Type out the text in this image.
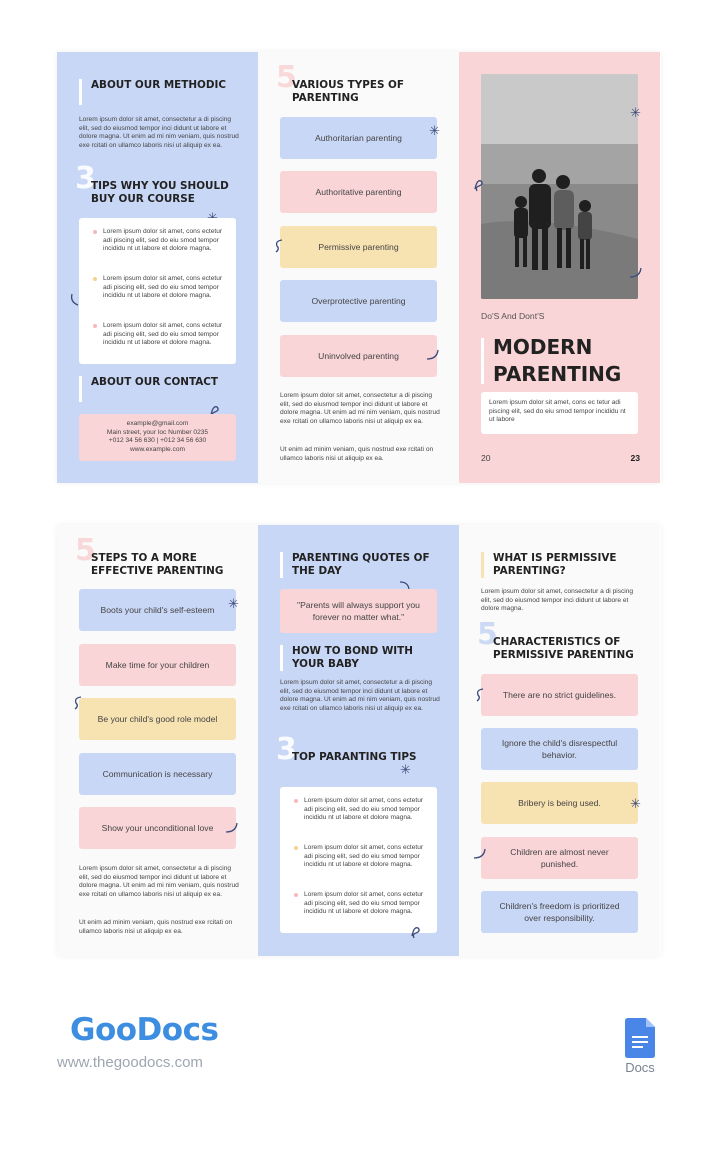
ABOUT OUR METHODIC
Lorem ipsum dolor sit amet, consectetur a di piscing elit, sed do eiusmod tempor inci didunt ut labore et dolore magna. Ut enim ad mi nim veniam, quis nostrud exe rcitati on ullamco laboris nisi ut aliquip ex ea.
3
TIPS WHY YOU SHOULD BUY OUR COURSE
Lorem ipsum dolor sit amet, cons ectetur adi piscing elit, sed do eiu smod tempor incididu nt ut labore et dolore magna.
Lorem ipsum dolor sit amet, cons ectetur adi piscing elit, sed do eiu smod tempor incididu nt ut labore et dolore magna.
Lorem ipsum dolor sit amet, cons ectetur adi piscing elit, sed do eiu smod tempor incididu nt ut labore et dolore magna.
ABOUT OUR CONTACT
example@gmail.com
Main street, your loc Number 0235
+012 34 56 630 | +012 34 56 630
www.example.com
5
VARIOUS TYPES OF PARENTING
Authoritarian parenting	✳
Authoritative parenting
Permissive parenting
Overprotective parenting
Uninvolved parenting
Lorem ipsum dolor sit amet, consectetur a di piscing elit, sed do eiusmod tempor inci didunt ut labore et dolore magna. Ut enim ad mi nim veniam, quis nostrud exe rcitati on ullamco laboris nisi ut aliquip ex ea.
Ut enim ad minim veniam, quis nostrud exe rcitati on ullamco laboris nisi ut aliquip ex ea.
✳
Do'S And Dont'S
MODERN PARENTING
Lorem ipsum dolor sit amet, cons ec tetur adi piscing elit, sed do eiu smod tempor incididu nt ut labore
20	23
5
STEPS TO A MORE EFFECTIVE PARENTING
Boots your child's self-esteem	✳
Make time for your children
Be your child's good role model
Communication is necessary
Show your unconditional love
Lorem ipsum dolor sit amet, consectetur a di piscing elit, sed do eiusmod tempor inci didunt ut labore et dolore magna. Ut enim ad mi nim veniam, quis nostrud exe rcitati on ullamco laboris nisi ut aliquip ex ea.
Ut enim ad minim veniam, quis nostrud exe rcitati on ullamco laboris nisi ut aliquip ex ea.
PARENTING QUOTES OF THE DAY
"Parents will always support you forever no matter what."
HOW TO BOND WITH YOUR BABY
Lorem ipsum dolor sit amet, consectetur a di piscing elit, sed do eiusmod tempor inci didunt ut labore et dolore magna. Ut enim ad mi nim veniam, quis nostrud exe rcitati on ullamco laboris nisi ut aliquip ex ea.
3
TOP PARANTING TIPS
✳
Lorem ipsum dolor sit amet, cons ectetur adi piscing elit, sed do eiu smod tempor incididu nt ut labore et dolore magna.
Lorem ipsum dolor sit amet, cons ectetur adi piscing elit, sed do eiu smod tempor incididu nt ut labore et dolore magna.
Lorem ipsum dolor sit amet, cons ectetur adi piscing elit, sed do eiu smod tempor incididu nt ut labore et dolore magna.
WHAT IS PERMISSIVE PARENTING?
Lorem ipsum dolor sit amet, consectetur a di piscing elit, sed do eiusmod tempor inci didunt ut labore et dolore magna.
5
CHARACTERISTICS OF PERMISSIVE PARENTING
There are no strict guidelines.
Ignore the child's disrespectful behavior.
Bribery is being used.	✳
Children are almost never punished.
Children's freedom is prioritized over responsibility.
GooDocs
www.thegoodocs.com	Docs
